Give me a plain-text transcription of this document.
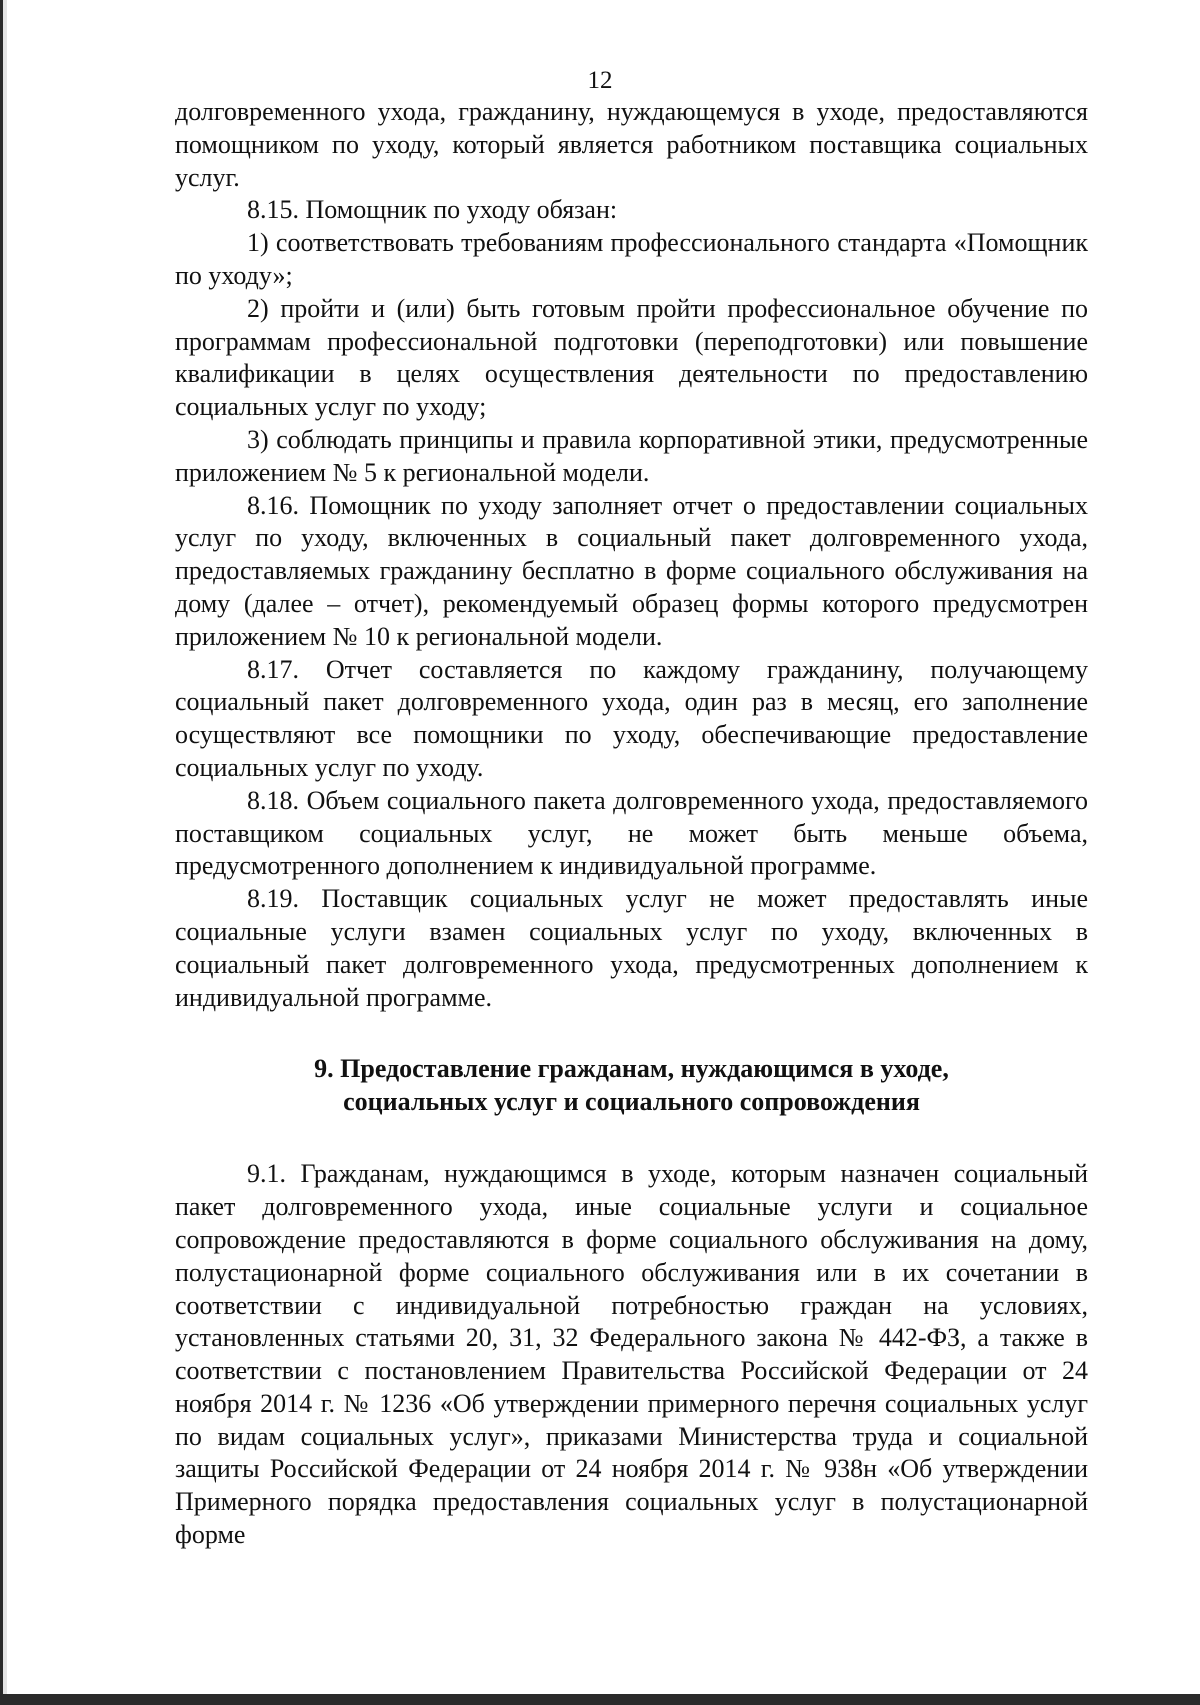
12

долговременного ухода, гражданину, нуждающемуся в уходе, предоставляются помощником по уходу, который является работником поставщика социальных услуг.

8.15. Помощник по уходу обязан:

1) соответствовать требованиям профессионального стандарта «Помощник по уходу»;

2) пройти и (или) быть готовым пройти профессиональное обучение по программам профессиональной подготовки (переподготовки) или повышение квалификации в целях осуществления деятельности по предоставлению социальных услуг по уходу;

3) соблюдать принципы и правила корпоративной этики, предусмотренные приложением № 5 к региональной модели.

8.16. Помощник по уходу заполняет отчет о предоставлении социальных услуг по уходу, включенных в социальный пакет долговременного ухода, предоставляемых гражданину бесплатно в форме социального обслуживания на дому (далее – отчет), рекомендуемый образец формы которого предусмотрен приложением № 10 к региональной модели.

8.17. Отчет составляется по каждому гражданину, получающему социальный пакет долговременного ухода, один раз в месяц, его заполнение осуществляют все помощники по уходу, обеспечивающие предоставление социальных услуг по уходу.

8.18. Объем социального пакета долговременного ухода, предоставляемого поставщиком социальных услуг, не может быть меньше объема, предусмотренного дополнением к индивидуальной программе.

8.19. Поставщик социальных услуг не может предоставлять иные социальные услуги взамен социальных услуг по уходу, включенных в социальный пакет долговременного ухода, предусмотренных дополнением к индивидуальной программе.

9. Предоставление гражданам, нуждающимся в уходе,
социальных услуг и социального сопровождения

9.1. Гражданам, нуждающимся в уходе, которым назначен социальный пакет долговременного ухода, иные социальные услуги и социальное сопровождение предоставляются в форме социального обслуживания на дому, полустационарной форме социального обслуживания или в их сочетании в соответствии с индивидуальной потребностью граждан на условиях, установленных статьями 20, 31, 32 Федерального закона № 442-ФЗ, а также в соответствии с постановлением Правительства Российской Федерации от 24 ноября 2014 г. № 1236 «Об утверждении примерного перечня социальных услуг по видам социальных услуг», приказами Министерства труда и социальной защиты Российской Федерации от 24 ноября 2014 г. № 938н «Об утверждении Примерного порядка предоставления социальных услуг в полустационарной форме
